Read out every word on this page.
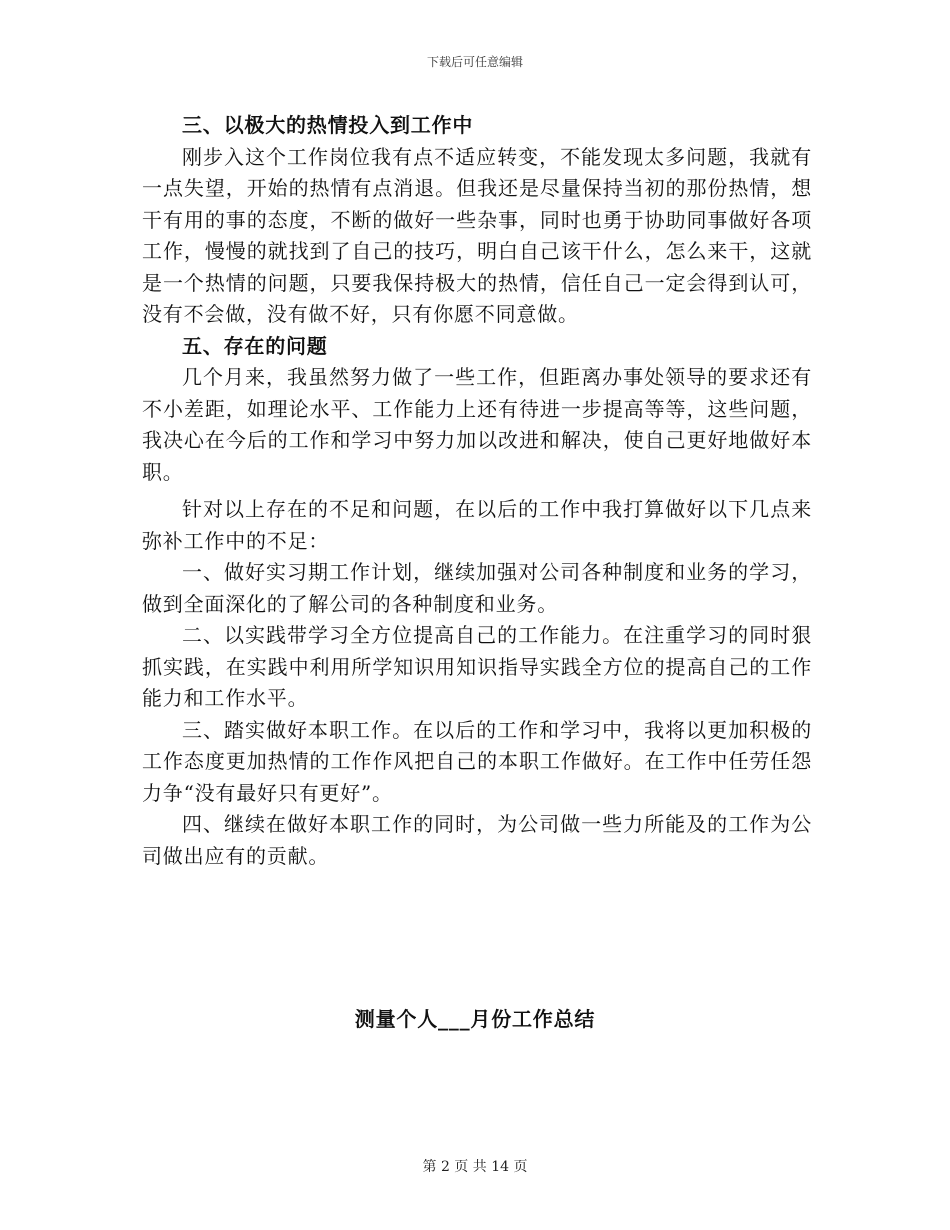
下载后可任意编辑

三、以极大的热情投入到工作中

刚步入这个工作岗位我有点不适应转变，不能发现太多问题，我就有一点失望，开始的热情有点消退。但我还是尽量保持当初的那份热情，想干有用的事的态度，不断的做好一些杂事，同时也勇于协助同事做好各项工作，慢慢的就找到了自己的技巧，明白自己该干什么，怎么来干，这就是一个热情的问题，只要我保持极大的热情，信任自己一定会得到认可，没有不会做，没有做不好，只有你愿不同意做。

五、存在的问题

几个月来，我虽然努力做了一些工作，但距离办事处领导的要求还有不小差距，如理论水平、工作能力上还有待进一步提高等等，这些问题，我决心在今后的工作和学习中努力加以改进和解决，使自己更好地做好本职。

针对以上存在的不足和问题，在以后的工作中我打算做好以下几点来弥补工作中的不足：

一、做好实习期工作计划，继续加强对公司各种制度和业务的学习，做到全面深化的了解公司的各种制度和业务。

二、以实践带学习全方位提高自己的工作能力。在注重学习的同时狠抓实践，在实践中利用所学知识用知识指导实践全方位的提高自己的工作能力和工作水平。

三、踏实做好本职工作。在以后的工作和学习中，我将以更加积极的工作态度更加热情的工作作风把自己的本职工作做好。在工作中任劳任怨力争“没有最好只有更好”。

四、继续在做好本职工作的同时，为公司做一些力所能及的工作为公司做出应有的贡献。

测量个人___月份工作总结
第 2 页 共 14 页
